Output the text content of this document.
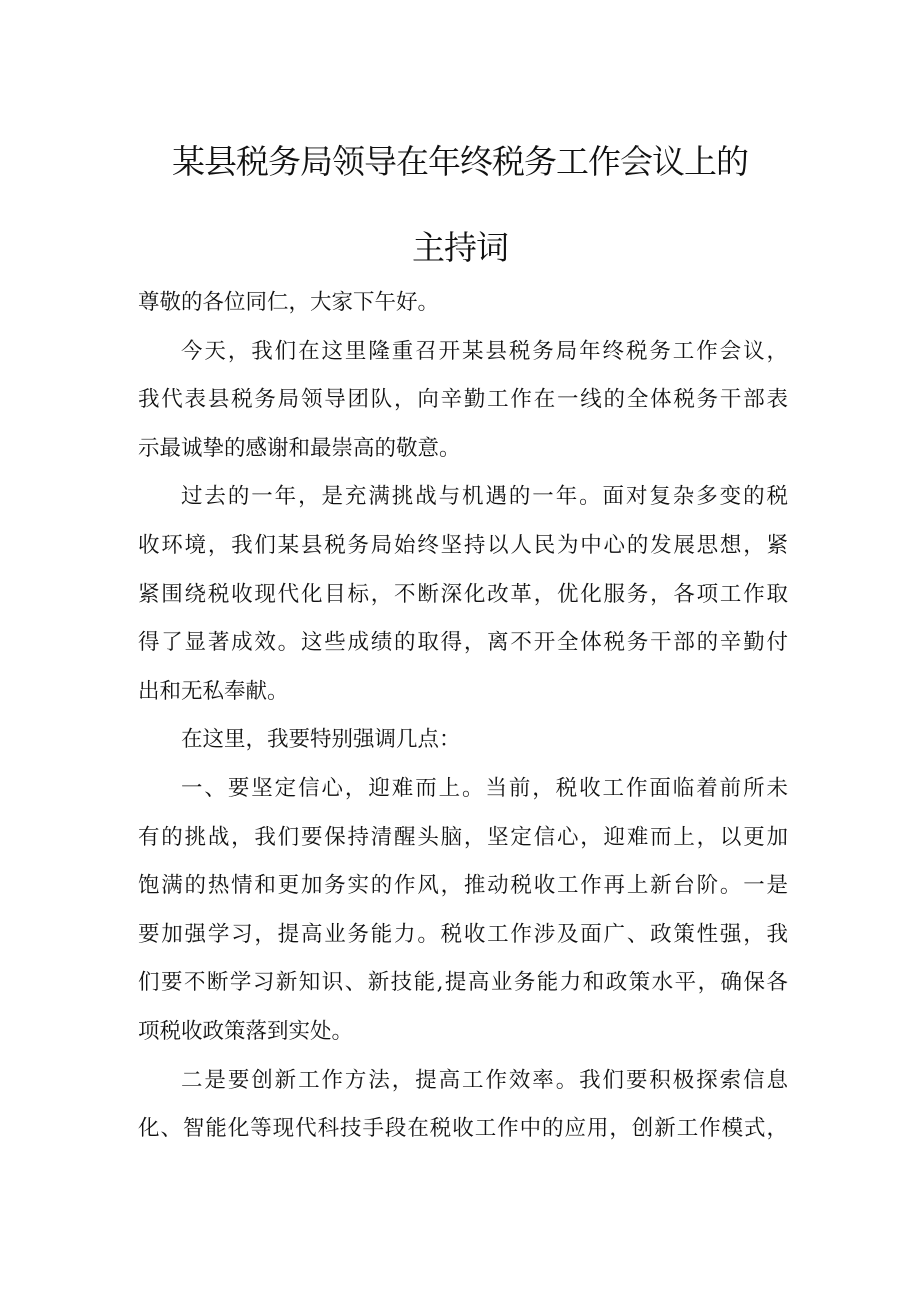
某县税务局领导在年终税务工作会议上的
主持词

尊敬的各位同仁，大家下午好。

今天，我们在这里隆重召开某县税务局年终税务工作会议，
我代表县税务局领导团队，向辛勤工作在一线的全体税务干部表
示最诚挚的感谢和最崇高的敬意。

过去的一年，是充满挑战与机遇的一年。面对复杂多变的税
收环境，我们某县税务局始终坚持以人民为中心的发展思想，紧
紧围绕税收现代化目标，不断深化改革，优化服务，各项工作取
得了显著成效。这些成绩的取得，离不开全体税务干部的辛勤付
出和无私奉献。

在这里，我要特别强调几点：

一、要坚定信心，迎难而上。当前，税收工作面临着前所未
有的挑战，我们要保持清醒头脑，坚定信心，迎难而上，以更加
饱满的热情和更加务实的作风，推动税收工作再上新台阶。一是
要加强学习，提高业务能力。税收工作涉及面广、政策性强，我
们要不断学习新知识、新技能,提高业务能力和政策水平，确保各
项税收政策落到实处。

二是要创新工作方法，提高工作效率。我们要积极探索信息
化、智能化等现代科技手段在税收工作中的应用，创新工作模式，
